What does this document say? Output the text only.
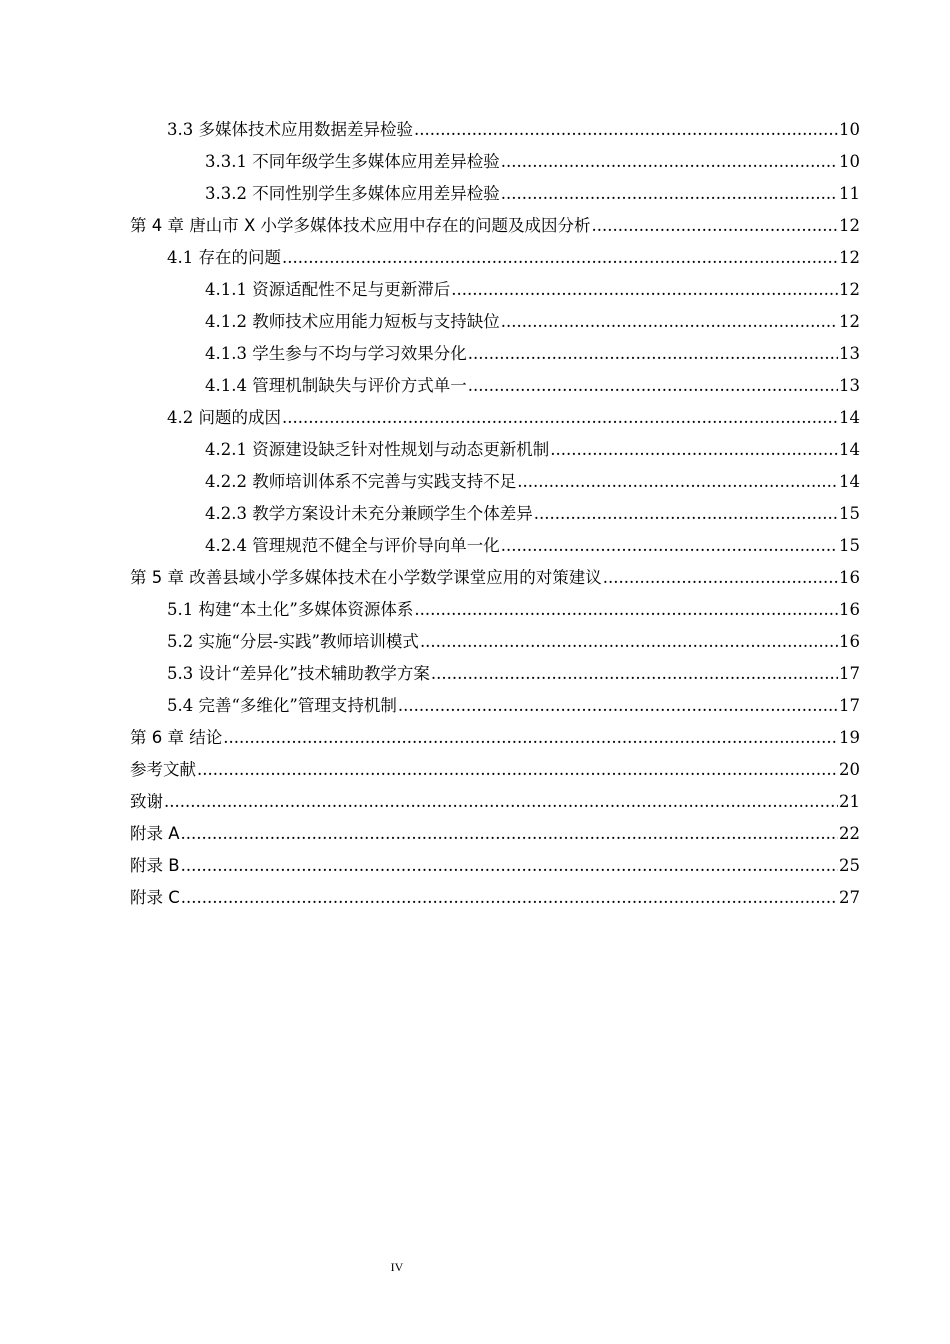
3.3 多媒体技术应用数据差异检验 .....	10
3.3.1 不同年级学生多媒体应用差异检验 .....	10
3.3.2 不同性别学生多媒体应用差异检验 .....	11
第 4 章 唐山市 X 小学多媒体技术应用中存在的问题及成因分析 .....	12
4.1 存在的问题 .....	12
4.1.1 资源适配性不足与更新滞后 .....	12
4.1.2 教师技术应用能力短板与支持缺位 .....	12
4.1.3 学生参与不均与学习效果分化 .....	13
4.1.4 管理机制缺失与评价方式单一 .....	13
4.2 问题的成因 .....	14
4.2.1 资源建设缺乏针对性规划与动态更新机制 .....	14
4.2.2 教师培训体系不完善与实践支持不足 .....	14
4.2.3 教学方案设计未充分兼顾学生个体差异 .....	15
4.2.4 管理规范不健全与评价导向单一化 .....	15
第 5 章 改善县域小学多媒体技术在小学数学课堂应用的对策建议 .....	16
5.1 构建“本土化”多媒体资源体系 .....	16
5.2 实施“分层-实践”教师培训模式 .....	16
5.3 设计“差异化”技术辅助教学方案 .....	17
5.4 完善“多维化”管理支持机制 .....	17
第 6 章 结论 .....	19
参考文献 .....	20
致谢 .....	21
附录 A .....	22
附录 B .....	25
附录 C .....	27
IV
